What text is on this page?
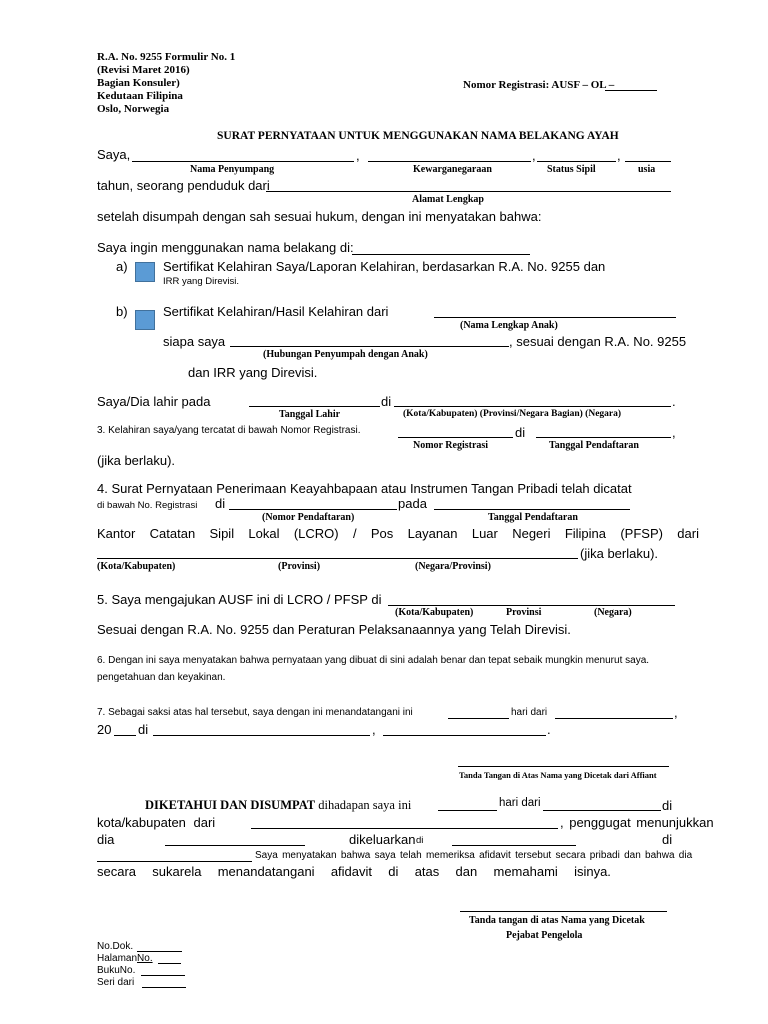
R.A. No. 9255 Formulir No. 1
(Revisi Maret 2016)
Bagian Konsuler)
Kedutaan Filipina
Oslo, Norwegia
Nomor Registrasi: AUSF – OL –
SURAT PERNYATAAN UNTUK MENGGUNAKAN NAMA BELAKANG AYAH
Saya,	,	,	,
Nama Penyumpang	Kewarganegaraan	Status Sipil	usia
tahun, seorang penduduk dari
Alamat Lengkap
setelah disumpah dengan sah sesuai hukum, dengan ini menyatakan bahwa:
Saya ingin menggunakan nama belakang di:
a)	Sertifikat Kelahiran Saya/Laporan Kelahiran, berdasarkan R.A. No. 9255 dan
IRR yang Direvisi.
b)	Sertifikat Kelahiran/Hasil Kelahiran dari
(Nama Lengkap Anak)
siapa saya	, sesuai dengan R.A. No. 9255
(Hubungan Penyumpah dengan Anak)
dan IRR yang Direvisi.
Saya/Dia lahir pada	di	.
Tanggal Lahir	(Kota/Kabupaten) (Provinsi/Negara Bagian) (Negara)
3. Kelahiran saya/yang tercatat di bawah Nomor Registrasi.	di	,
Nomor Registrasi	Tanggal Pendaftaran
(jika berlaku).
4. Surat Pernyataan Penerimaan Keayahbapaan atau Instrumen Tangan Pribadi telah dicatat
di bawah No. Registrasi di	pada
(Nomor Pendaftaran)	Tanggal Pendaftaran
Kantor Catatan Sipil Lokal (LCRO) / Pos Layanan Luar Negeri Filipina (PFSP) dari
(jika berlaku).
(Kota/Kabupaten)	(Provinsi)	(Negara/Provinsi)
5. Saya mengajukan AUSF ini di LCRO / PFSP di
(Kota/Kabupaten)	Provinsi	(Negara)
Sesuai dengan R.A. No. 9255 dan Peraturan Pelaksanaannya yang Telah Direvisi.
6. Dengan ini saya menyatakan bahwa pernyataan yang dibuat di sini adalah benar dan tepat sebaik mungkin menurut saya.
pengetahuan dan keyakinan.
7. Sebagai saksi atas hal tersebut, saya dengan ini menandatangani ini	hari dari	,
20 di	,	.
Tanda Tangan di Atas Nama yang Dicetak dari Affiant
DIKETAHUI DAN DISUMPAT dihadapan saya ini	hari dari	di
kota/kabupaten dari	, penggugat menunjukkan
dia	dikeluarkan di	di
Saya menyatakan bahwa saya telah memeriksa afidavit tersebut secara pribadi dan bahwa dia
secara sukarela menandatangani afidavit di atas dan memahami isinya.
Tanda tangan di atas Nama yang Dicetak
Pejabat Pengelola
No.Dok.
HalamanNo.
BukuNo.
Seri dari
